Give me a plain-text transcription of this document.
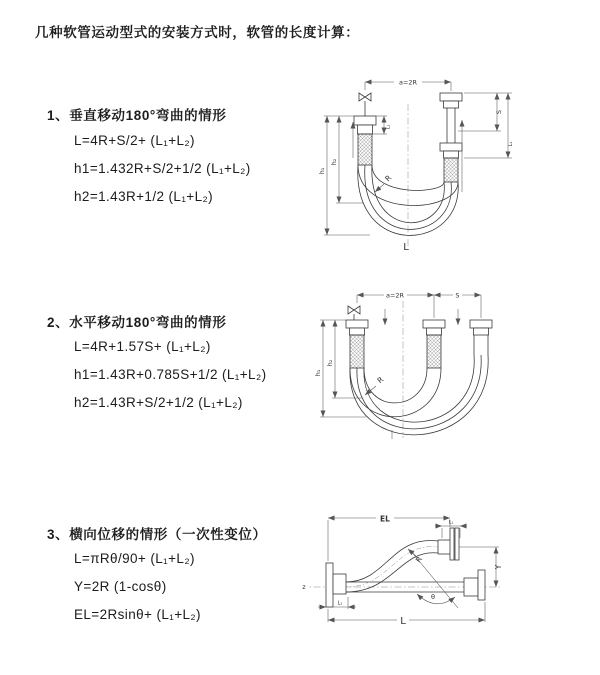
几种软管运动型式的安装方式时，软管的长度计算：
1、垂直移动180°弯曲的情形
L=4R+S/2+ (L₁+L₂)
h1=1.432R+S/2+1/2 (L₁+L₂)
h2=1.43R+1/2 (L₁+L₂)
2、水平移动180°弯曲的情形
L=4R+1.57S+ (L₁+L₂)
h1=1.43R+0.785S+1/2 (L₁+L₂)
h2=1.43R+S/2+1/2 (L₁+L₂)
3、横向位移的情形（一次性变位）
L=πRθ/90+ (L₁+L₂)
Y=2R (1-cosθ)
EL=2Rsinθ+ (L₁+L₂)
a=2R
L₁
h₁
h₂
S
L₁
R
L
a=2R	S
h₁
h₂
R
z
EL	L₁
Y
R
θ
L
L₁
